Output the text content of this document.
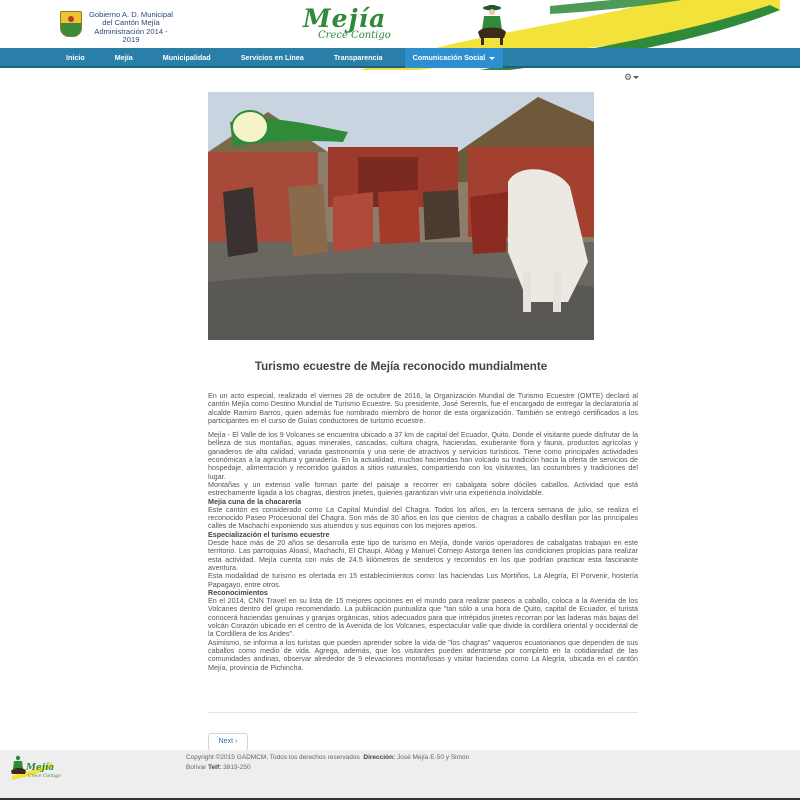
Gobierno A. D. Municipal
del Cantón Mejía
Administración 2014 - 2019
Mejía
Crece Contigo
Inicio	Mejía	Municipalidad	Servicios en Línea	Transparencia	Comunicación Social
⚙
Turismo ecuestre de Mejía reconocido mundialmente

En un acto especial, realizado el viernes 28 de octubre de 2016, la Organización Mundial de Turismo Ecuestre (OMTE) declaró al cantón Mejía como Destino Mundial de Turismo Ecuestre. Su presidente, José Sererols, fue el encargado de entregar la declaratoria al alcalde Ramiro Barros, quien además fue nombrado miembro de honor de esta organización. También se entregó certificados a los participantes en el curso de Guías conductores de turismo ecuestre.

Mejía - El Valle de los 9 Volcanes se encuentra ubicado a 37 km de capital del Ecuador, Quito. Donde el visitante puede disfrutar de la belleza de sus montañas, aguas minerales, cascadas, cultura chagra, haciendas, exuberante flora y fauna, productos agrícolas y ganaderos de alta calidad, variada gastronomía y una serie de atractivos y servicios turísticos. Tiene como principales actividades económicas a la agricultura y ganadería. En la actualidad, muchas haciendas han volcado su tradición hacia la oferta de servicios de hospedaje, alimentación y recorridos guiados a sitios naturales, compartiendo con los visitantes, las costumbres y tradiciones del lugar.

Montañas y un extenso valle forman parte del paisaje a recorrer en cabalgata sobre dóciles caballos. Actividad que está estrechamente ligada a los chagras, diestros jinetes, quienes garantizan vivir una experiencia inolvidable.

Mejía cuna de la chacarería

Este cantón es considerado como La Capital Mundial del Chagra. Todos los años, en la tercera semana de julio, se realiza el reconocido Paseo Procesional del Chagra. Son más de 30 años en los que cientos de chagras a caballo desfilan por las principales calles de Machachi exponiendo sus atuendos y sus equinos con los mejores aperos.

Especialización el turismo ecuestre

Desde hace más de 20 años se desarrolla este tipo de turismo en Mejía, donde varios operadores de cabalgatas trabajan en este territorio. Las parroquias Aloasí, Machachi, El Chaupi, Alóag y Manuel Cornejo Astorga tienen las condiciones propicias para realizar esta actividad. Mejía cuenta con más de 24.5 kilómetros de senderos y recorridos en los que podrían practicar esta fascinante aventura.

Esta modalidad de turismo es ofertada en 15 establecimientos como: las haciendas Los Mortiños, La Alegría, El Porvenir, hostería Papagayo, entre otros.

Reconocimientos

En el 2014, CNN Travel en su lista de 15 mejores opciones en el mundo para realizar paseos a caballo, coloca a la Avenida de los Volcanes dentro del grupo recomendado. La publicación puntualiza que "tan sólo a una hora de Quito, capital de Ecuador, el turista conocerá haciendas genuinas y granjas orgánicas, sitios adecuados para que intrépidos jinetes recorran por las laderas más bajas del volcán Corazón ubicado en el centro de la Avenida de los Volcanes, espectacular valle que divide la cordillera oriental y occidental de la Cordillera de los Andes".

Asimismo, se informa a los turistas que pueden aprender sobre la vida de "los chagras" vaqueros ecuatorianos que dependen de sus caballos como medio de vida. Agrega, además, que los visitantes pueden adentrarse por completo en la cotidianidad de las comunidades andinas, observar alrededor de 9 elevaciones montañosas y visitar haciendas como La Alegría, ubicada en el cantón Mejía, provincia de Pichincha.

Next ›
Mejía
Crece Contigo
Copyright ©2015 GADMCM. Todos los derechos reservados Dirección: José Mejía E-50 y Simón Bolívar Telf: 3819-250
